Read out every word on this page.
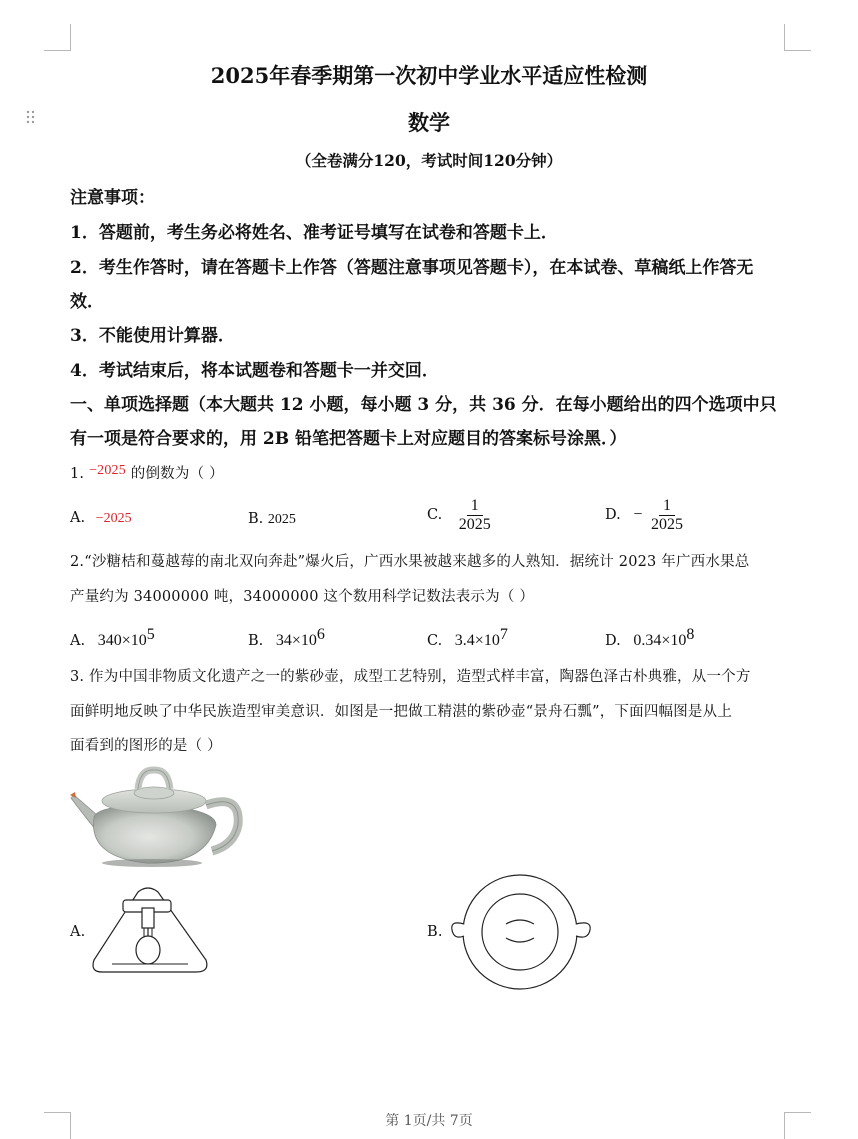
2025年春季期第一次初中学业水平适应性检测
数学
（全卷满分120，考试时间120分钟）
注意事项：
1．答题前，考生务必将姓名、准考证号填写在试卷和答题卡上．
2．考生作答时，请在答题卡上作答（答题注意事项见答题卡），在本试卷、草稿纸上作答无
效．
3．不能使用计算器．
4．考试结束后，将本试题卷和答题卡一并交回．
一、单项选择题（本大题共 12 小题，每小题 3 分，共 36 分．在每小题给出的四个选项中只
有一项是符合要求的，用 2B 铅笔把答题卡上对应题目的答案标号涂黑．）
1. −2025 的倒数为（ ）
A. −2025	B. 2025	C. $\frac{1}{2025}$	D. − $\frac{1}{2025}$
2.“沙糖桔和蔓越莓的南北双向奔赴”爆火后，广西水果被越来越多的人熟知．据统计 2023 年广西水果总
产量约为 34000000 吨，34000000 这个数用科学记数法表示为（ ）
A. $340\times 10^5$	B. $34\times 10^6$	C. $3.4\times 10^7$	D. $0.34\times 10^8$
3. 作为中国非物质文化遗产之一的紫砂壶，成型工艺特别，造型式样丰富，陶器色泽古朴典雅，从一个方
面鲜明地反映了中华民族造型审美意识．如图是一把做工精湛的紫砂壶“景舟石瓢”，下面四幅图是从上
面看到的图形的是（ ）
A.	B.
第 1页/共 7页
